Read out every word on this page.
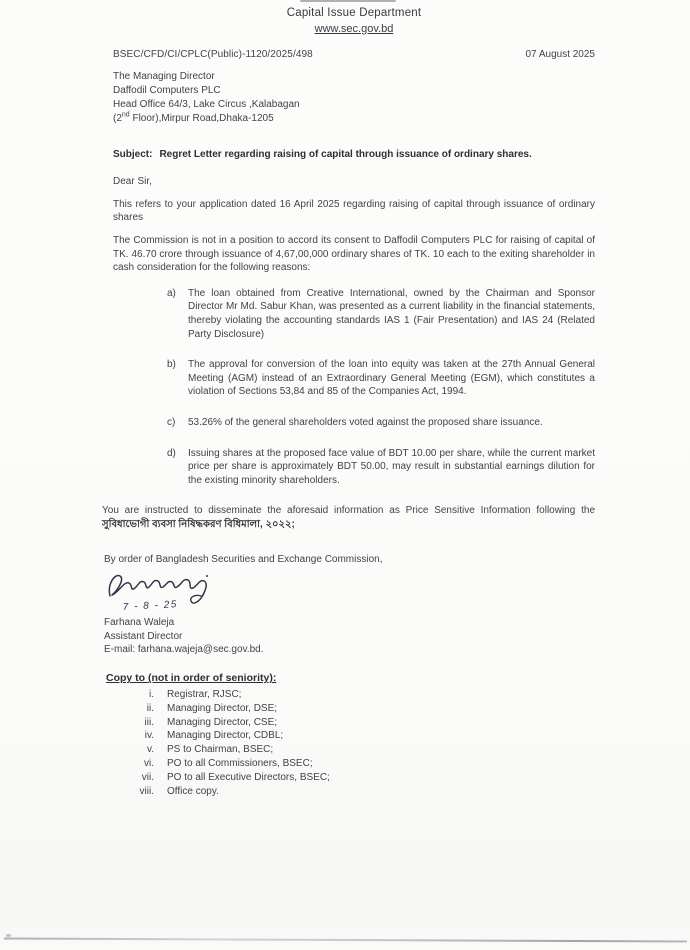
Capital Issue Department
www.sec.gov.bd
BSEC/CFD/CI/CPLC(Public)-1120/2025/498	07 August 2025
The Managing Director
Daffodil Computers PLC
Head Office 64/3, Lake Circus ,Kalabagan
(2nd Floor),Mirpur Road,Dhaka-1205
Subject: Regret Letter regarding raising of capital through issuance of ordinary shares.
Dear Sir,

This refers to your application dated 16 April 2025 regarding raising of capital through issuance of ordinary shares

The Commission is not in a position to accord its consent to Daffodil Computers PLC for raising of capital of TK. 46.70 crore through issuance of 4,67,00,000 ordinary shares of TK. 10 each to the exiting shareholder in cash consideration for the following reasons:

a)	The loan obtained from Creative International, owned by the Chairman and Sponsor Director Mr Md. Sabur Khan, was presented as a current liability in the financial statements, thereby violating the accounting standards IAS 1 (Fair Presentation) and IAS 24 (Related Party Disclosure)
b)	The approval for conversion of the loan into equity was taken at the 27th Annual General Meeting (AGM) instead of an Extraordinary General Meeting (EGM), which constitutes a violation of Sections 53,84 and 85 of the Companies Act, 1994.
c)	53.26% of the general shareholders voted against the proposed share issuance.
d)	Issuing shares at the proposed face value of BDT 10.00 per share, while the current market price per share is approximately BDT 50.00, may result in substantial earnings dilution for the existing minority shareholders.

You are instructed to disseminate the aforesaid information as Price Sensitive Information following the সুবিধাভোগী ব্যবসা নিষিদ্ধকরণ বিধিমালা, ২০২২;

By order of Bangladesh Securities and Exchange Commission,

7 - 8 - 25
Farhana Waleja
Assistant Director
E-mail: farhana.wajeja@sec.gov.bd.
Copy to (not in order of seniority):
i. Registrar, RJSC;
ii. Managing Director, DSE;
iii. Managing Director, CSE;
iv. Managing Director, CDBL;
v. PS to Chairman, BSEC;
vi. PO to all Commissioners, BSEC;
vii. PO to all Executive Directors, BSEC;
viii. Office copy.
